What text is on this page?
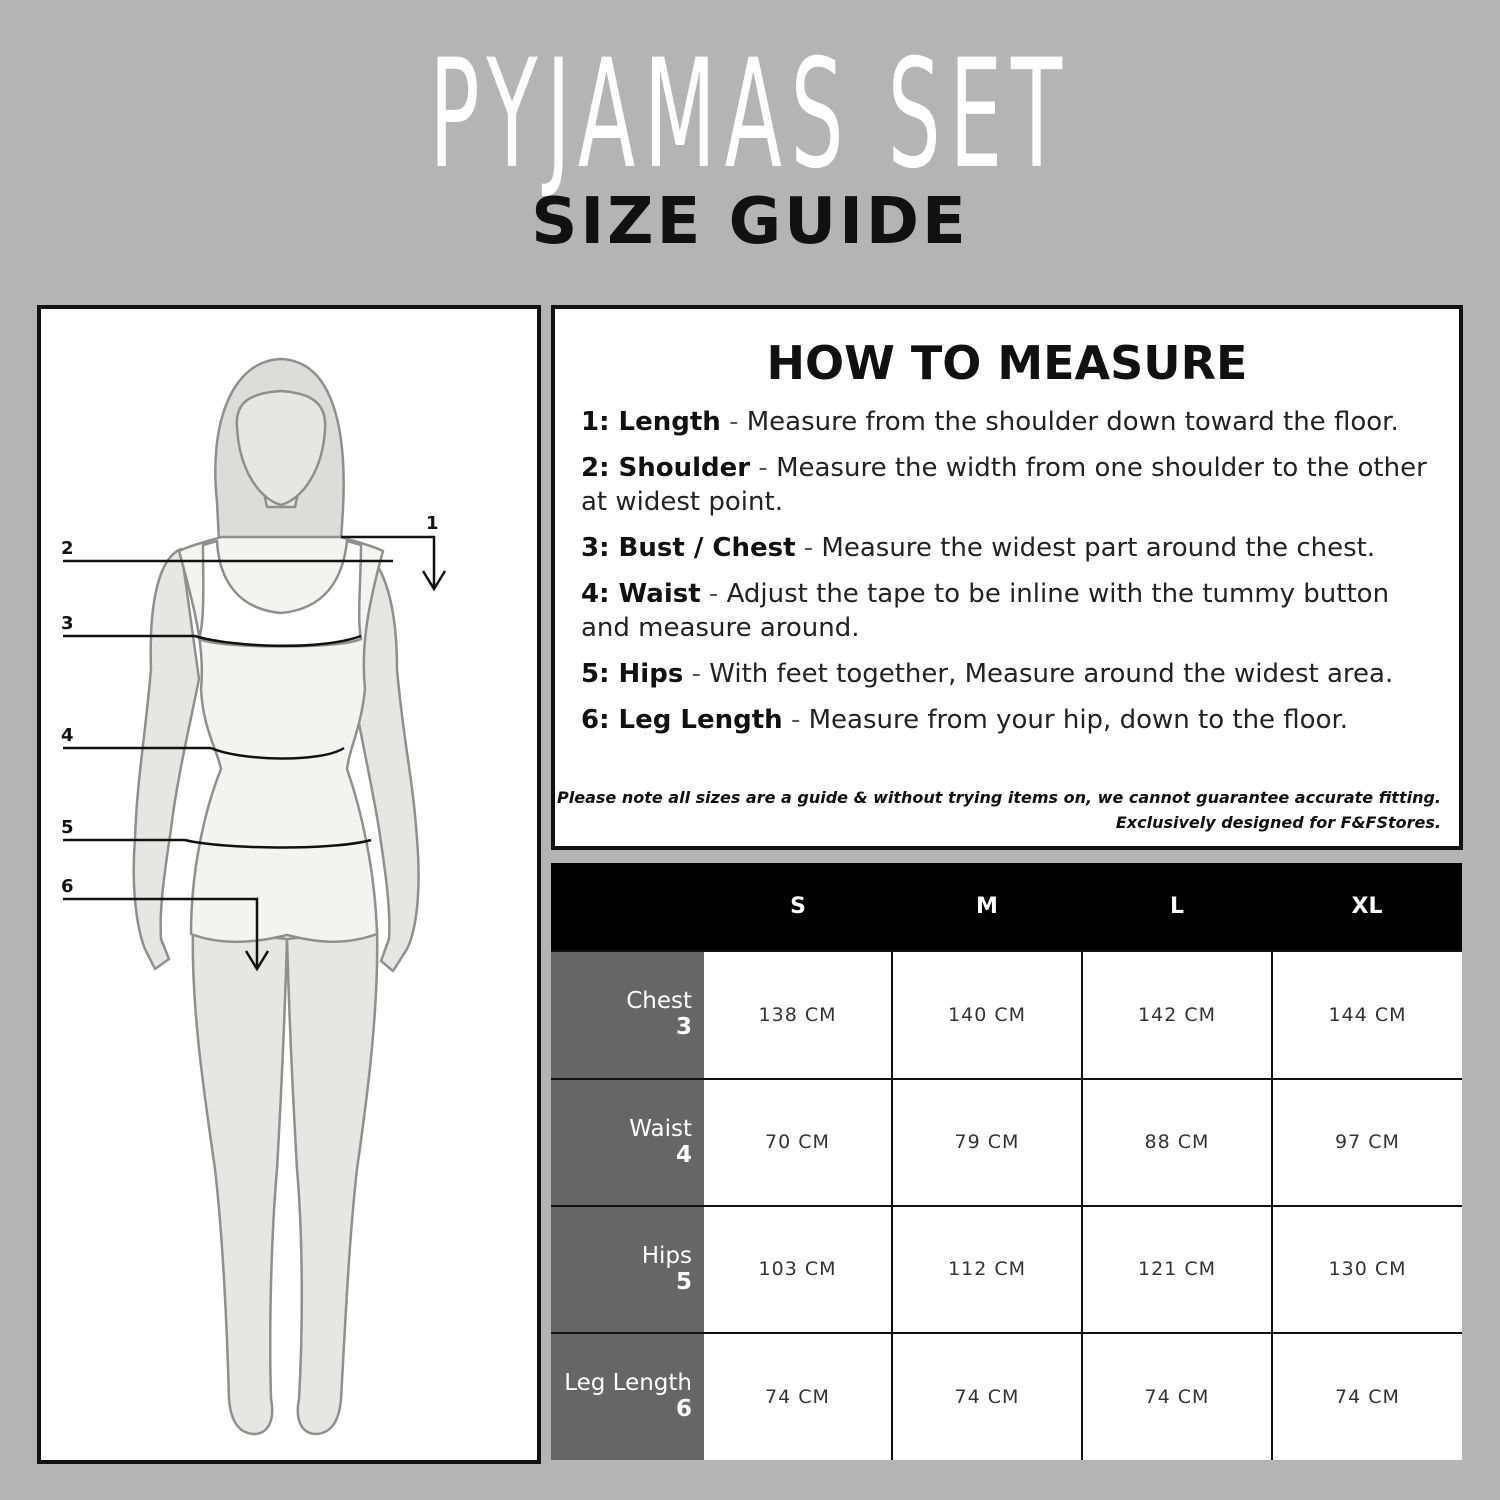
PYJAMAS SET
SIZE GUIDE
1
2
3
4
5
6
HOW TO MEASURE
1: Length - Measure from the shoulder down toward the floor.
2: Shoulder - Measure the width from one shoulder to the other at widest point.
3: Bust / Chest - Measure the widest part around the chest.
4: Waist - Adjust the tape to be inline with the tummy button and measure around.
5: Hips - With feet together, Measure around the widest area.
6: Leg Length - Measure from your hip, down to the floor.
Please note all sizes are a guide & without trying items on, we cannot guarantee accurate fitting.
Exclusively designed for F&FStores.
S	M	L	XL
Chest
3	138 CM	140 CM	142 CM	144 CM
Waist
4	70 CM	79 CM	88 CM	97 CM
Hips
5	103 CM	112 CM	121 CM	130 CM
Leg Length
6	74 CM	74 CM	74 CM	74 CM
